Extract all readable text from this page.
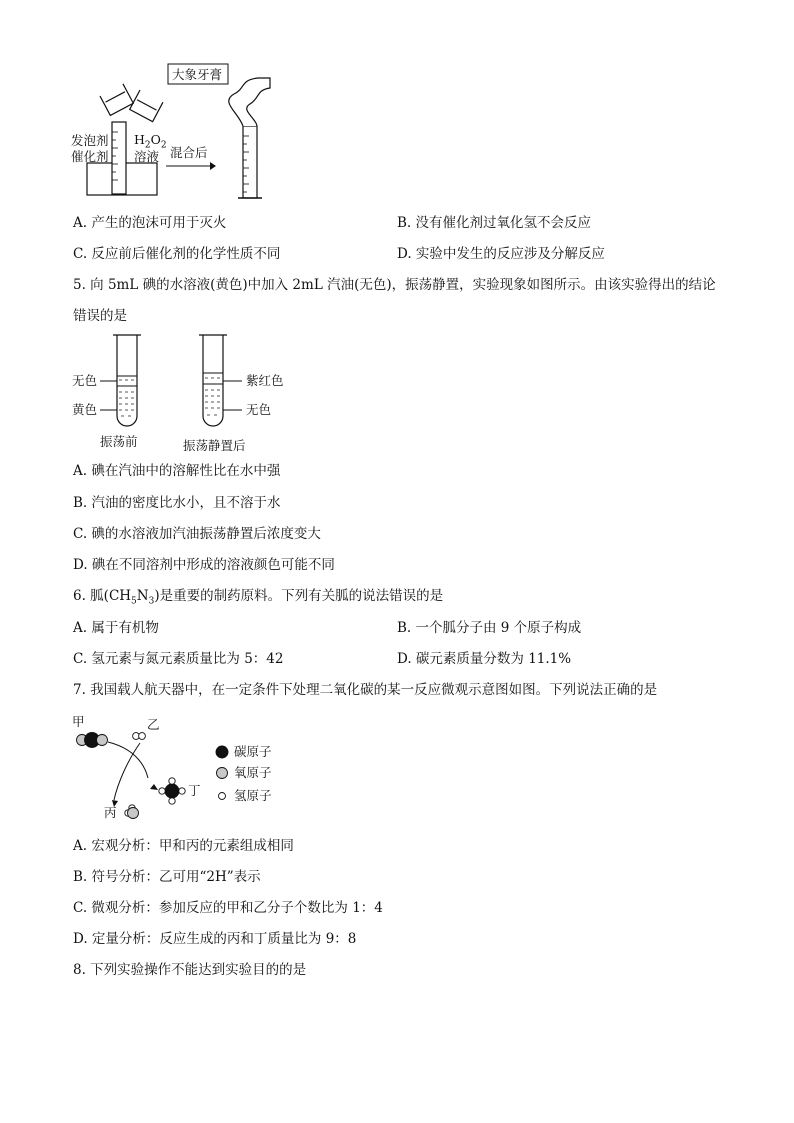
大象牙膏
发泡剂
催化剂
$H_2O_2$
溶液 混合后
A. 产生的泡沫可用于灭火	B. 没有催化剂过氧化氢不会反应
C. 反应前后催化剂的化学性质不同	D. 实验中发生的反应涉及分解反应
5. 向 5mL 碘的水溶液(黄色)中加入 2mL 汽油(无色)，振荡静置，实验现象如图所示。由该实验得出的结论
错误的是
无色
黄色
振荡前
紫红色
无色
振荡静置后
A. 碘在汽油中的溶解性比在水中强
B. 汽油的密度比水小，且不溶于水
C. 碘的水溶液加汽油振荡静置后浓度变大
D. 碘在不同溶剂中形成的溶液颜色可能不同
6. 胍$(CH_5N_3)$是重要的制药原料。下列有关胍的说法错误的是
A. 属于有机物	B. 一个胍分子由 9 个原子构成
C. 氢元素与氮元素质量比为 5：42	D. 碳元素质量分数为 11.1%
7. 我国载人航天器中，在一定条件下处理二氧化碳的某一反应微观示意图如图。下列说法正确的是
甲	乙
丁
丙
碳原子
氧原子
氢原子
A. 宏观分析：甲和丙的元素组成相同
B. 符号分析：乙可用“2H”表示
C. 微观分析：参加反应的甲和乙分子个数比为 1：4
D. 定量分析：反应生成的丙和丁质量比为 9：8
8. 下列实验操作不能达到实验目的的是
